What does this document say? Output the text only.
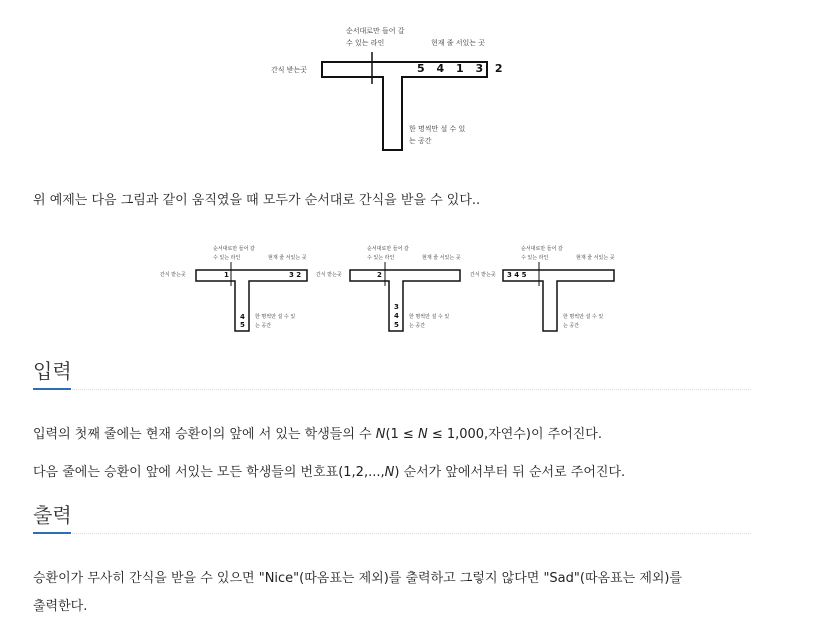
순서대로만 들어 갈
수 있는 라인	현재 줄 서있는 곳
간식 받는곳	5 4 1 3 2
한 명씩만 설 수 있
는 공간
위 예제는 다음 그림과 같이 움직였을 때 모두가 순서대로 간식을 받을 수 있다..
순서대로만 들어 갈
수 있는 라인	현재 줄 서있는 곳
간식 받는곳	1	3 2
4
5
한 명씩만 설 수 있
는 공간
순서대로만 들어 갈
수 있는 라인	현재 줄 서있는 곳
간식 받는곳	2
3
4
5
한 명씩만 설 수 있
는 공간
순서대로만 들어 갈
수 있는 라인	현재 줄 서있는 곳
간식 받는곳 3 4 5
한 명씩만 설 수 있
는 공간
입력
입력의 첫째 줄에는 현재 승환이의 앞에 서 있는 학생들의 수 N(1 ≤ N ≤ 1,000,자연수)이 주어진다.
다음 줄에는 승환이 앞에 서있는 모든 학생들의 번호표(1,2,...,N) 순서가 앞에서부터 뒤 순서로 주어진다.
출력
승환이가 무사히 간식을 받을 수 있으면 "Nice"(따옴표는 제외)를 출력하고 그렇지 않다면 "Sad"(따옴표는 제외)를
출력한다.
